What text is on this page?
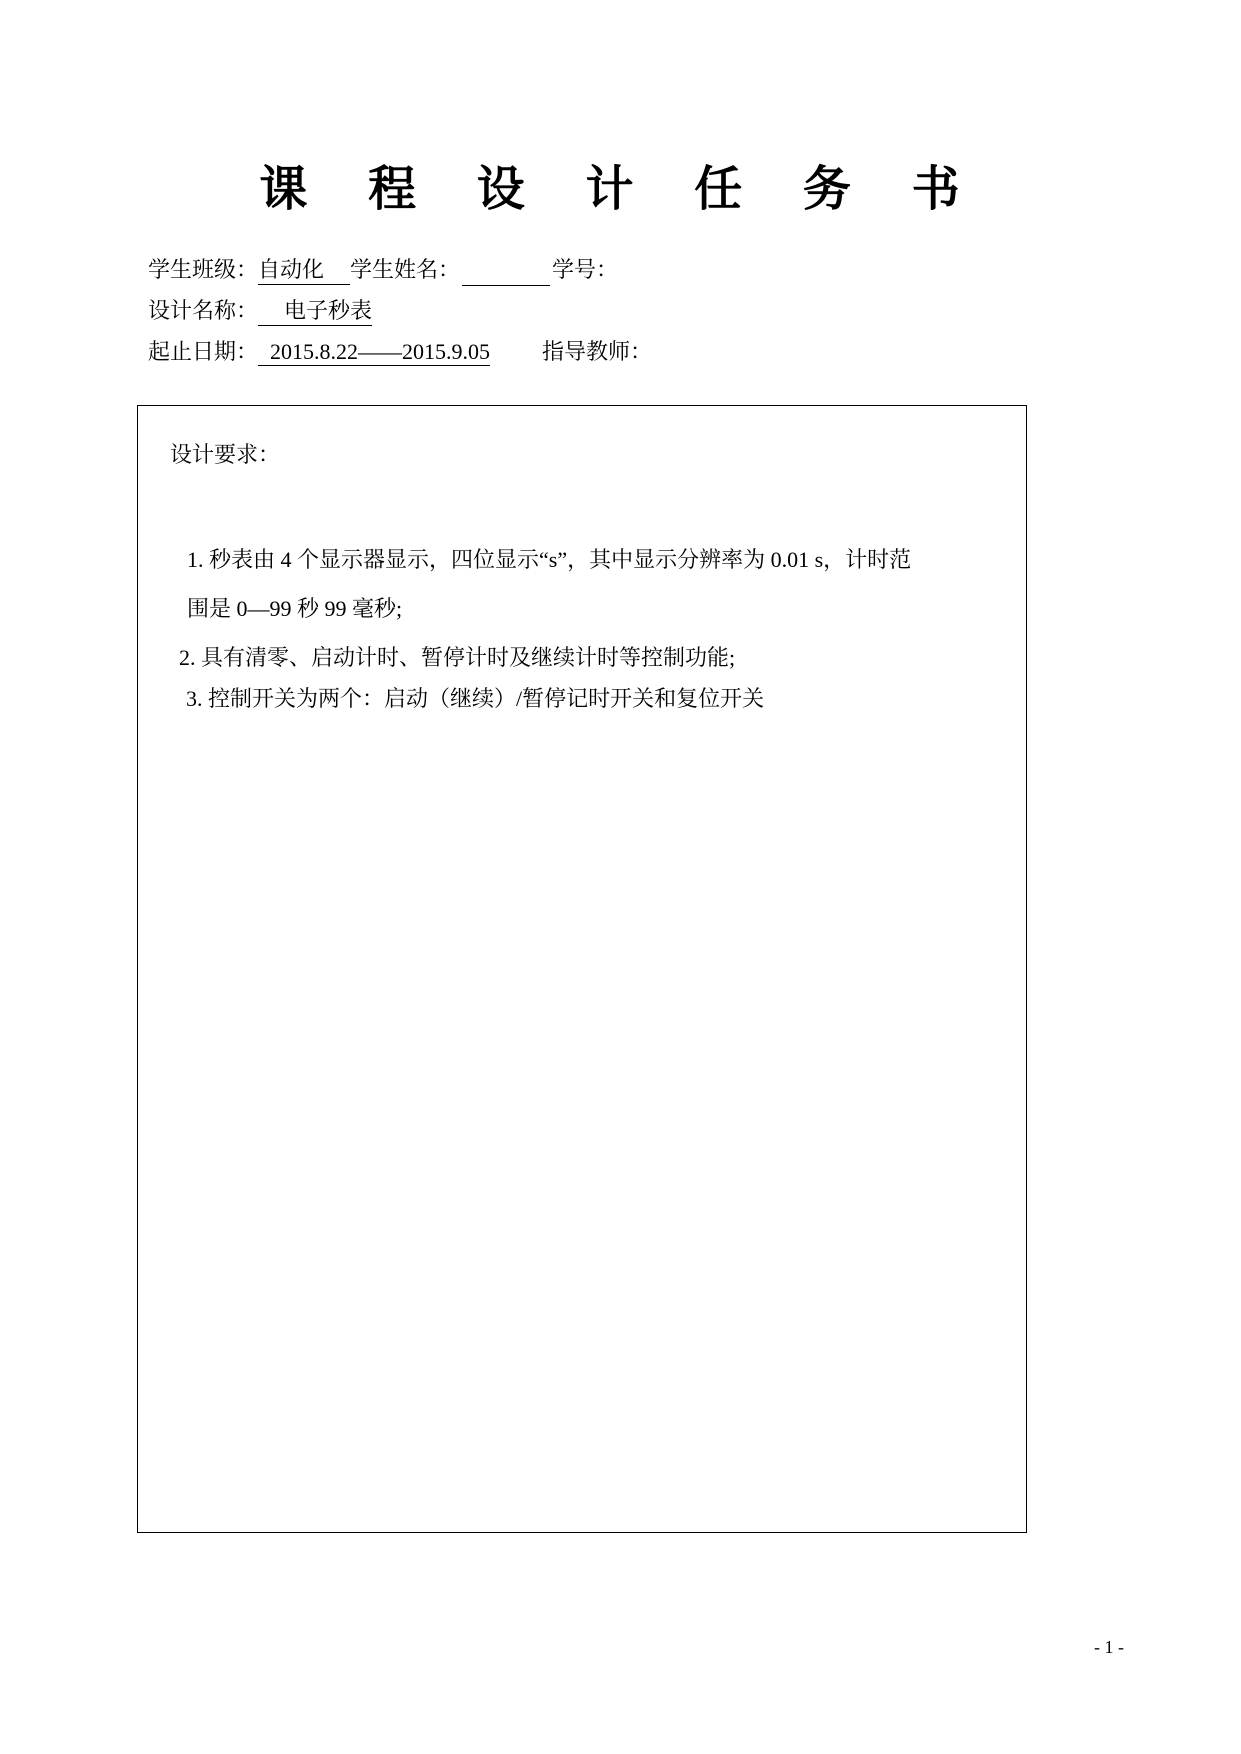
课 程 设 计 任 务 书
学生班级：自动化 学生姓名：	学号：
设计名称： 电子秒表
起止日期： 2015.8.22——2015.9.05 指导教师：
设计要求：
1. 秒表由 4 个显示器显示，四位显示“s”，其中显示分辨率为 0.01 s，计时范
围是 0—99 秒 99 毫秒;
2. 具有清零、启动计时、暂停计时及继续计时等控制功能;
3. 控制开关为两个：启动（继续）/暂停记时开关和复位开关
- 1 -
